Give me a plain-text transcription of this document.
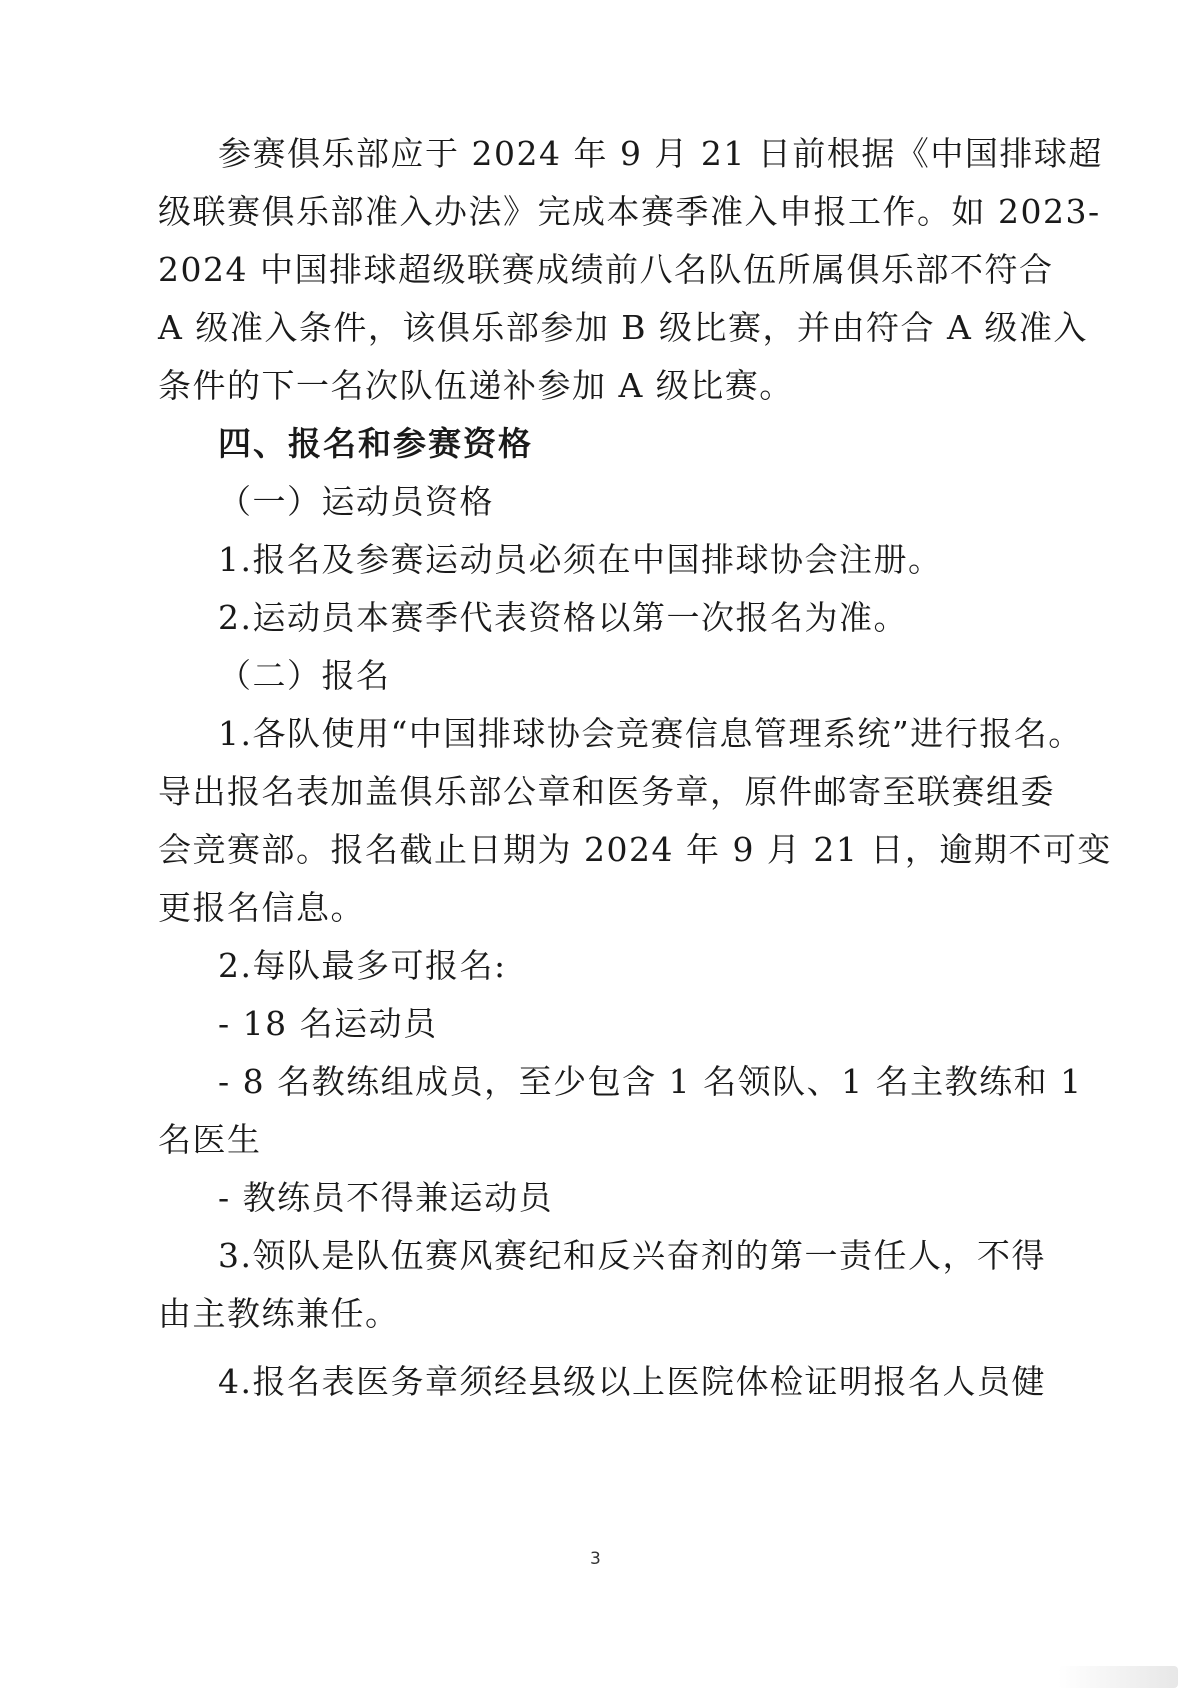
参赛俱乐部应于 2024 年 9 月 21 日前根据《中国排球超
级联赛俱乐部准入办法》完成本赛季准入申报工作。如 2023-
2024 中国排球超级联赛成绩前八名队伍所属俱乐部不符合
A 级准入条件，该俱乐部参加 B 级比赛，并由符合 A 级准入
条件的下一名次队伍递补参加 A 级比赛。
四、报名和参赛资格
（一）运动员资格
1.报名及参赛运动员必须在中国排球协会注册。
2.运动员本赛季代表资格以第一次报名为准。
（二）报名
1.各队使用“中国排球协会竞赛信息管理系统”进行报名。
导出报名表加盖俱乐部公章和医务章，原件邮寄至联赛组委
会竞赛部。报名截止日期为 2024 年 9 月 21 日，逾期不可变
更报名信息。
2.每队最多可报名:
- 18 名运动员
- 8 名教练组成员，至少包含 1 名领队、1 名主教练和 1
名医生
- 教练员不得兼运动员
3.领队是队伍赛风赛纪和反兴奋剂的第一责任人，不得
由主教练兼任。
4.报名表医务章须经县级以上医院体检证明报名人员健
3
